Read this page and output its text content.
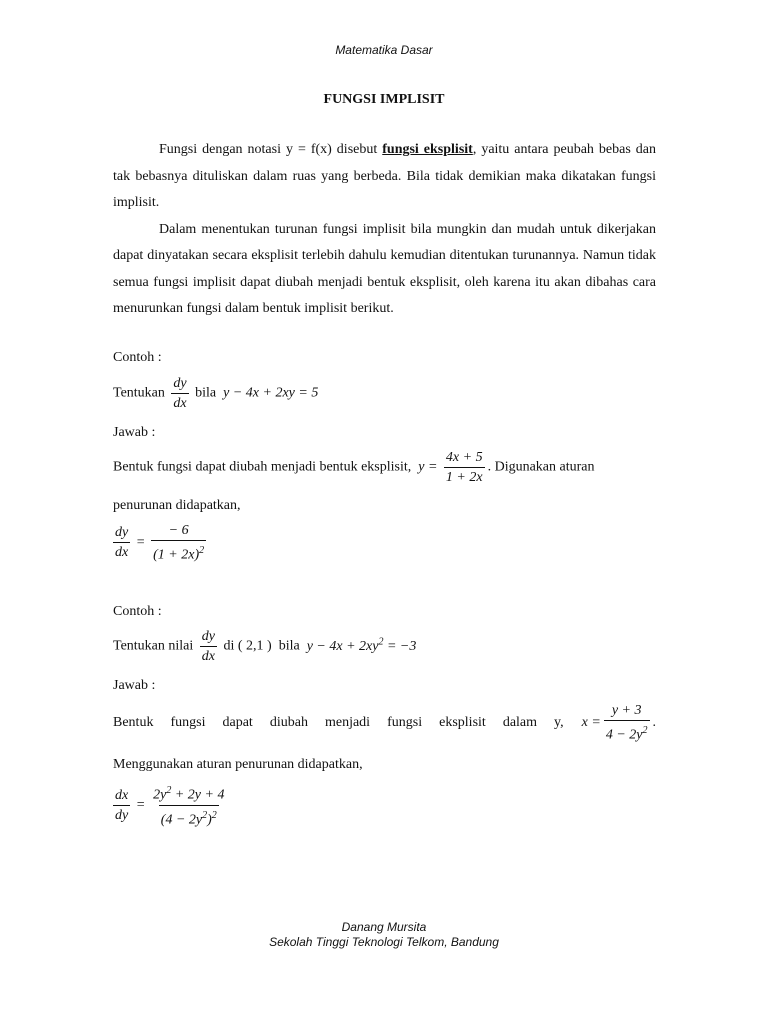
Matematika Dasar
FUNGSI IMPLISIT

Fungsi dengan notasi y = f(x) disebut fungsi eksplisit, yaitu antara peubah bebas dan tak bebasnya dituliskan dalam ruas yang berbeda. Bila tidak demikian maka dikatakan fungsi implisit.

Dalam menentukan turunan fungsi implisit bila mungkin dan mudah untuk dikerjakan dapat dinyatakan secara eksplisit terlebih dahulu kemudian ditentukan turunannya. Namun tidak semua fungsi implisit dapat diubah menjadi bentuk eksplisit, oleh karena itu akan dibahas cara menurunkan fungsi dalam bentuk implisit berikut.

Contoh :
Tentukan $\frac{dy}{dx}$ bila y − 4x + 2xy = 5
Jawab :
Bentuk fungsi dapat diubah menjadi bentuk eksplisit, $y = \frac{4x + 5}{1 + 2x}$ . Digunakan aturan
penurunan didapatkan,
$\frac{dy}{dx} = \frac{- 6}{(1 + 2x)^2}$
Contoh :
Tentukan nilai $\frac{dy}{dx}$ di ( 2,1 ) bila $y - 4x + 2xy^2 = -3$
Jawab :
Bentuk fungsi dapat diubah menjadi fungsi eksplisit dalam y, $x = \frac{y + 3}{4 - 2y^2}$ .
Menggunakan aturan penurunan didapatkan,
$\frac{dx}{dy} = \frac{2y^2 + 2y + 4}{(4 - 2y^2)^2}$
Danang Mursita
Sekolah Tinggi Teknologi Telkom, Bandung
